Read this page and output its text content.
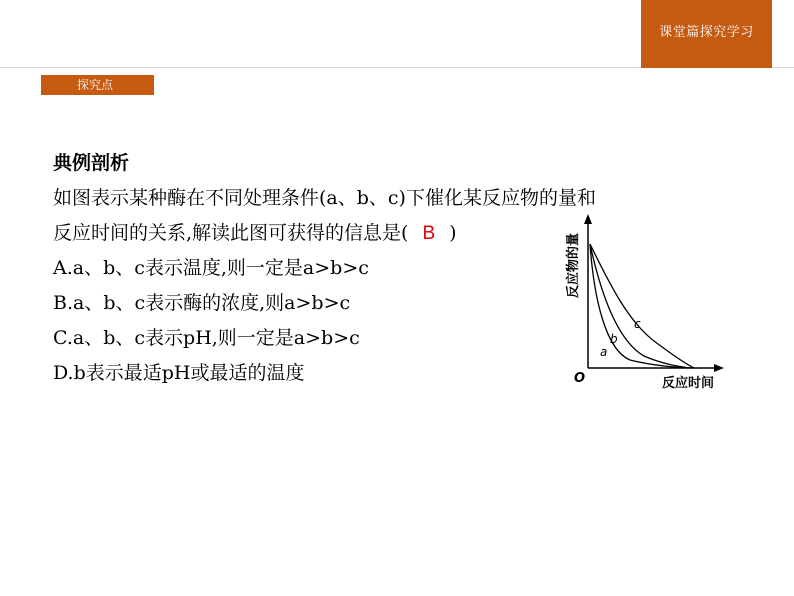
课堂篇探究学习
探究点
典例剖析
如图表示某种酶在不同处理条件(a、b、c)下催化某反应物的量和
反应时间的关系,解读此图可获得的信息是( B )
A.a、b、c表示温度,则一定是a>b>c
B.a、b、c表示酶的浓度,则a>b>c
C.a、b、c表示pH,则一定是a>b>c
D.b表示最适pH或最适的温度
反应物的量
O	反应时间
a
b
c
